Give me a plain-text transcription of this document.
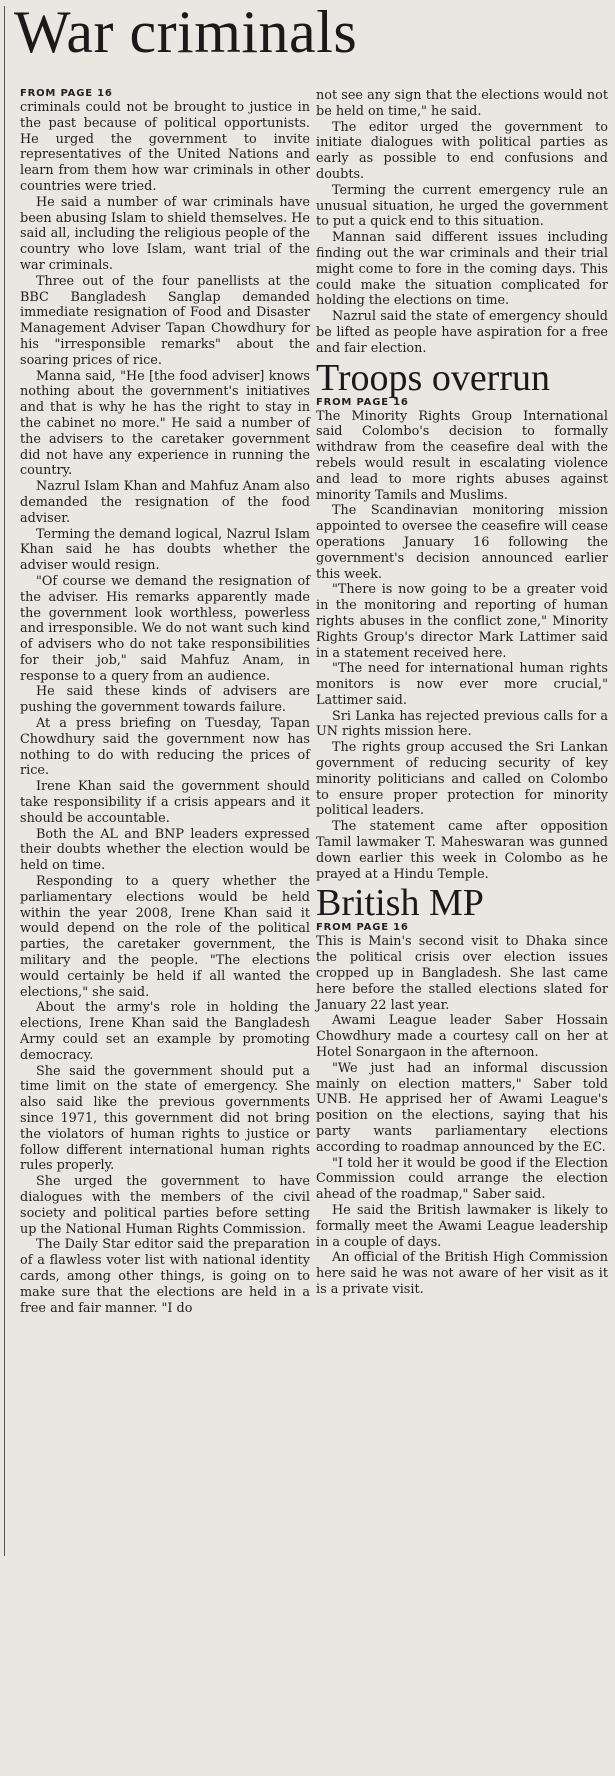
War criminals

FROM PAGE 16

criminals could not be brought to justice in the past because of political opportunists. He urged the government to invite representatives of the United Nations and learn from them how war criminals in other countries were tried.

He said a number of war criminals have been abusing Islam to shield themselves. He said all, including the religious people of the country who love Islam, want trial of the war criminals.

Three out of the four panellists at the BBC Bangladesh Sanglap demanded immediate resignation of Food and Disaster Management Adviser Tapan Chowdhury for his "irresponsible remarks" about the soaring prices of rice.

Manna said, "He [the food adviser] knows nothing about the government's initiatives and that is why he has the right to stay in the cabinet no more." He said a number of the advisers to the caretaker government did not have any experience in running the country.

Nazrul Islam Khan and Mahfuz Anam also demanded the resignation of the food adviser.

Terming the demand logical, Nazrul Islam Khan said he has doubts whether the adviser would resign.

"Of course we demand the resignation of the adviser. His remarks apparently made the government look worthless, powerless and irresponsible. We do not want such kind of advisers who do not take responsibilities for their job," said Mahfuz Anam, in response to a query from an audience.

He said these kinds of advisers are pushing the government towards failure.

At a press briefing on Tuesday, Tapan Chowdhury said the government now has nothing to do with reducing the prices of rice.

Irene Khan said the government should take responsibility if a crisis appears and it should be accountable.

Both the AL and BNP leaders expressed their doubts whether the election would be held on time.

Responding to a query whether the parliamentary elections would be held within the year 2008, Irene Khan said it would depend on the role of the political parties, the caretaker government, the military and the people. "The elections would certainly be held if all wanted the elections," she said.

About the army's role in holding the elections, Irene Khan said the Bangladesh Army could set an example by promoting democracy.

She said the government should put a time limit on the state of emergency. She also said like the previous governments since 1971, this government did not bring the violators of human rights to justice or follow different international human rights rules properly.

She urged the government to have dialogues with the members of the civil society and political parties before setting up the National Human Rights Commission.

The Daily Star editor said the preparation of a flawless voter list with national identity cards, among other things, is going on to make sure that the elections are held in a free and fair manner. "I do

not see any sign that the elections would not be held on time," he said.

The editor urged the government to initiate dialogues with political parties as early as possible to end confusions and doubts.

Terming the current emergency rule an unusual situation, he urged the government to put a quick end to this situation.

Mannan said different issues including finding out the war criminals and their trial might come to fore in the coming days. This could make the situation complicated for holding the elections on time.

Nazrul said the state of emergency should be lifted as people have aspiration for a free and fair election.

Troops overrun

FROM PAGE 16

The Minority Rights Group International said Colombo's decision to formally withdraw from the ceasefire deal with the rebels would result in escalating violence and lead to more rights abuses against minority Tamils and Muslims.

The Scandinavian monitoring mission appointed to oversee the ceasefire will cease operations January 16 following the government's decision announced earlier this week.

"There is now going to be a greater void in the monitoring and reporting of human rights abuses in the conflict zone," Minority Rights Group's director Mark Lattimer said in a statement received here.

"The need for international human rights monitors is now ever more crucial," Lattimer said.

Sri Lanka has rejected previous calls for a UN rights mission here.

The rights group accused the Sri Lankan government of reducing security of key minority politicians and called on Colombo to ensure proper protection for minority political leaders.

The statement came after opposition Tamil lawmaker T. Maheswaran was gunned down earlier this week in Colombo as he prayed at a Hindu Temple.

British MP

FROM PAGE 16

This is Main's second visit to Dhaka since the political crisis over election issues cropped up in Bangladesh. She last came here before the stalled elections slated for January 22 last year.

Awami League leader Saber Hossain Chowdhury made a courtesy call on her at Hotel Sonargaon in the afternoon.

"We just had an informal discussion mainly on election matters," Saber told UNB. He apprised her of Awami League's position on the elections, saying that his party wants parliamentary elections according to roadmap announced by the EC.

"I told her it would be good if the Election Commission could arrange the election ahead of the roadmap," Saber said.

He said the British lawmaker is likely to formally meet the Awami League leadership in a couple of days.

An official of the British High Commission here said he was not aware of her visit as it is a private visit.
